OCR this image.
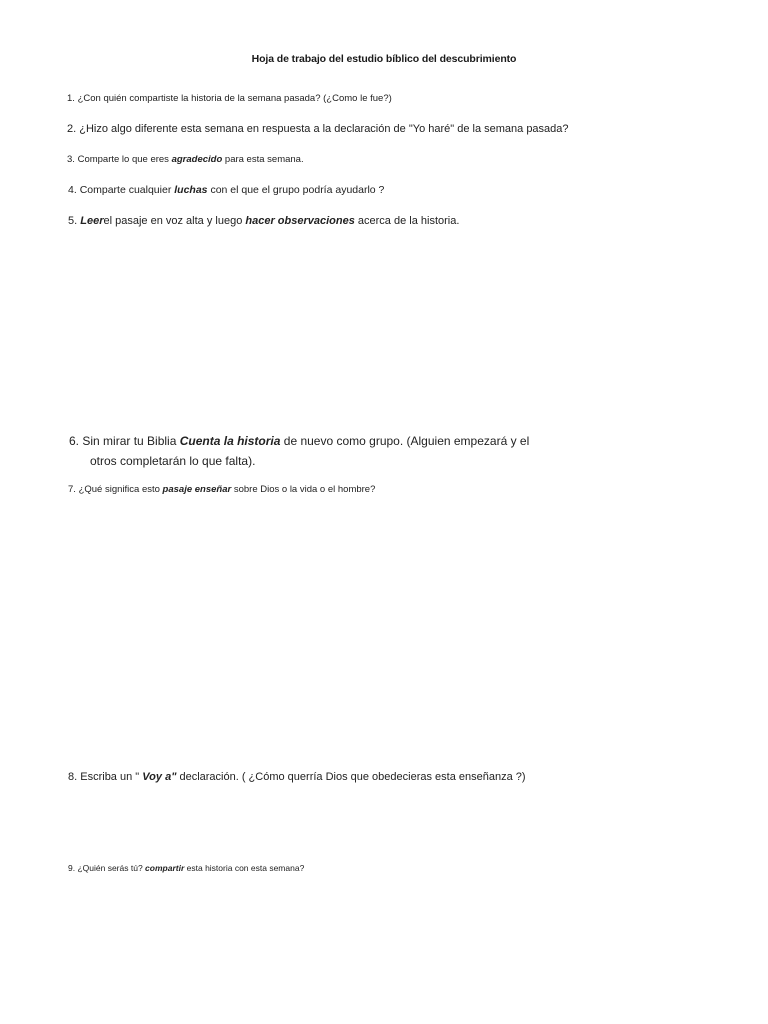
Hoja de trabajo del estudio bíblico del descubrimiento

1. ¿Con quién compartiste la historia de la semana pasada? (¿Como le fue?)

2. ¿Hizo algo diferente esta semana en respuesta a la declaración de "Yo haré" de la semana pasada?

3. Comparte lo que eres agradecido para esta semana.

4. Comparte cualquier luchas con el que el grupo podría ayudarlo ?

5. Leerel pasaje en voz alta y luego hacer observaciones acerca de la historia.

6. Sin mirar tu Biblia Cuenta la historia de nuevo como grupo. (Alguien empezará y el
otros completarán lo que falta).

7. ¿Qué significa esto pasaje enseñar sobre Dios o la vida o el hombre?

8. Escriba un " Voy a" declaración. ( ¿Cómo querría Dios que obedecieras esta enseñanza ?)

9. ¿Quién serás tú? compartir esta historia con esta semana?
